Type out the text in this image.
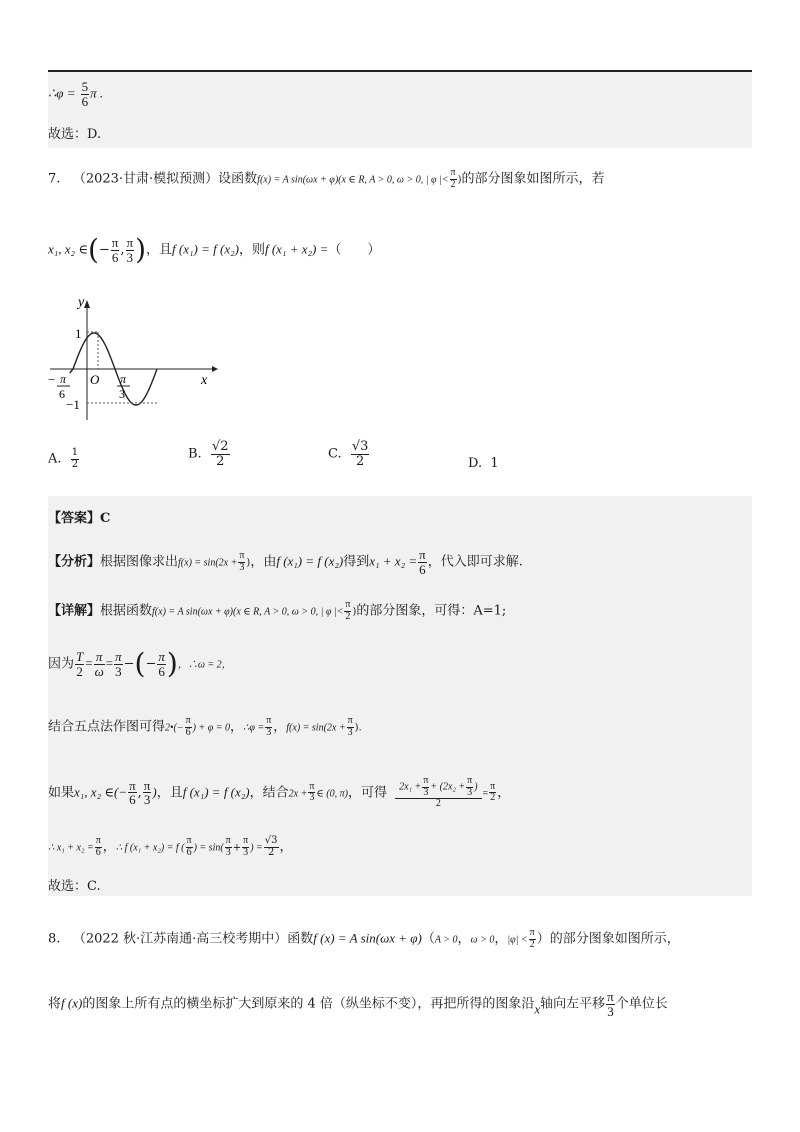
∴φ = $\frac{5}{6}$ π .
故选：D.
7. （2023·甘肃·模拟预测）设函数f(x) = A sin(ωx + φ)(x ∈ R, A > 0, ω > 0, | φ |< $\frac{\pi}{2}$ )的部分图象如图所示，若
x₁, x₂ ∈(− $\frac{\pi}{6}$ , $\frac{\pi}{3}$ )，且f (x₁) = f (x₂)，则f (x₁ + x₂) =（　　）
y
x
1
−1
O
− π
6
π
3
A. $\frac{1}{2}$	B. $\frac{√2}{2}$	C. $\frac{√3}{2}$	D. 1
【答案】C
【分析】根据图像求出$f(x) = \sin(2x + \frac{\pi}{3}$ )，由f (x₁) = f (x₂)得到$x_1 + x_2 = \frac{\pi}{6}$ ，代入即可求解.
【详解】根据函数f(x) = A sin(ωx + φ)(x ∈ R, A > 0, ω > 0, | φ |< $\frac{\pi}{2}$ )的部分图象，可得：A=1;
因为 $\frac{T}{2} = \frac{\pi}{\omega} = \frac{\pi}{3}$ −(− $\frac{\pi}{6}$ )，∴ω = 2，
结合五点法作图可得2•(− $\frac{\pi}{6}$ ) + φ = 0，∴φ = $\frac{\pi}{3}$ ，$f(x) = \sin(2x + \frac{\pi}{3}$ ).
如果x₁, x₂ ∈(− $\frac{\pi}{6}$ , $\frac{\pi}{3}$ )，且f (x₁) = f (x₂)，结合$2x + \frac{\pi}{3}$ ∈ (0, π)，可得 $\frac{2x_1 + \frac{\pi}{3} + (2x_2 + \frac{\pi}{3} )}{2} = \frac{\pi}{2}$ ，
∴ $x_1 + x_2 = \frac{\pi}{6}$ ，∴ f (x₁ + x₂) = f ( $\frac{\pi}{6}$ ) = $\sin( \frac{\pi}{3} + \frac{\pi}{3}$ ) = $\frac{√3}{2}$ ，
故选：C.
8. （2022 秋·江苏南通·高三校考期中）函数f (x) = A sin(ωx + φ)（A > 0，ω > 0，$|\varphi| < \frac{\pi}{2}$ ）的部分图象如图所示，
将f (x)的图象上所有点的横坐标扩大到原来的 4 倍（纵坐标不变），再把所得的图象沿x轴向左平移 $\frac{\pi}{3}$ 个单位长
